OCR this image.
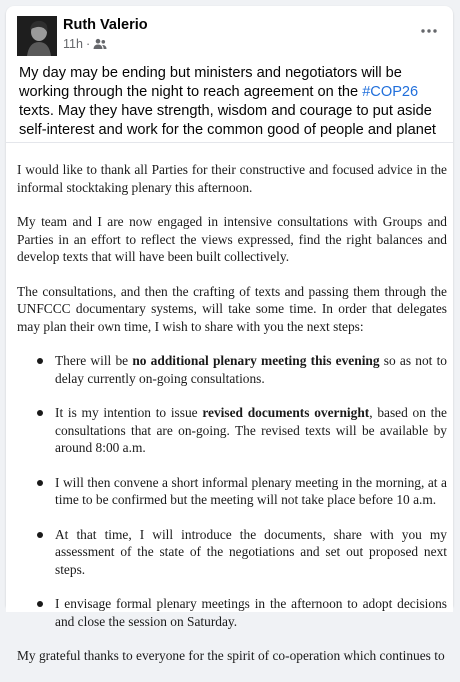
Ruth Valerio
11h ·
My day may be ending but ministers and negotiators will be working through the night to reach agreement on the #COP26 texts. May they have strength, wisdom and courage to put aside self-interest and work for the common good of people and planet

I would like to thank all Parties for their constructive and focused advice in the informal stocktaking plenary this afternoon.

My team and I are now engaged in intensive consultations with Groups and Parties in an effort to reflect the views expressed, find the right balances and develop texts that will have been built collectively.

The consultations, and then the crafting of texts and passing them through the UNFCCC documentary systems, will take some time. In order that delegates may plan their own time, I wish to share with you the next steps:

There will be no additional plenary meeting this evening so as not to delay currently on-going consultations.
It is my intention to issue revised documents overnight, based on the consultations that are on-going. The revised texts will be available by around 8:00 a.m.
I will then convene a short informal plenary meeting in the morning, at a time to be confirmed but the meeting will not take place before 10 a.m.
At that time, I will introduce the documents, share with you my assessment of the state of the negotiations and set out proposed next steps.
I envisage formal plenary meetings in the afternoon to adopt decisions and close the session on Saturday.

My grateful thanks to everyone for the spirit of co-operation which continues to
